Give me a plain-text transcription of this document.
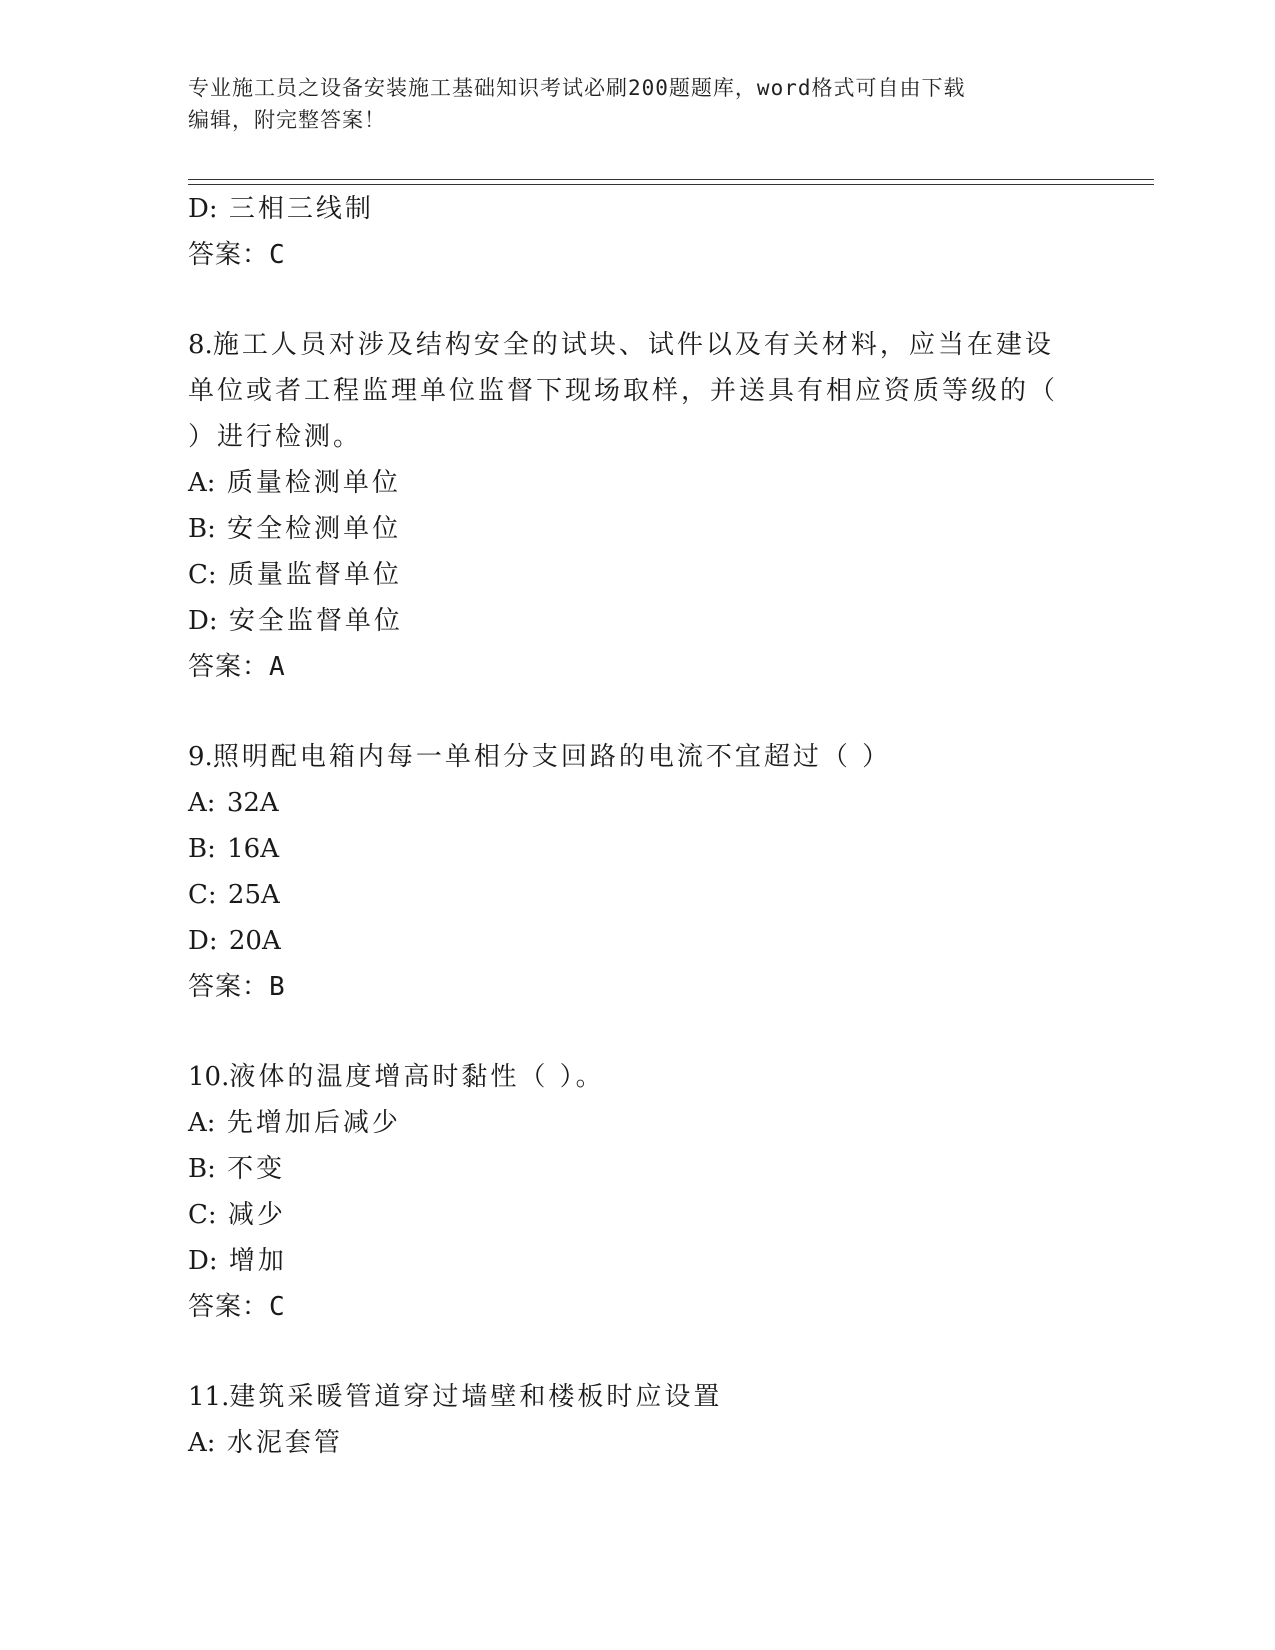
专业施工员之设备安装施工基础知识考试必刷200题题库，word格式可自由下载
编辑，附完整答案！
D: 三相三线制
答案：C
8.施工人员对涉及结构安全的试块、试件以及有关材料，应当在建设
单位或者工程监理单位监督下现场取样，并送具有相应资质等级的（
）进行检测。
A: 质量检测单位
B: 安全检测单位
C: 质量监督单位
D: 安全监督单位
答案：A
9.照明配电箱内每一单相分支回路的电流不宜超过（ ）
A: 32A
B: 16A
C: 25A
D: 20A
答案：B
10.液体的温度增高时黏性（ ）。
A: 先增加后减少
B: 不变
C: 减少
D: 增加
答案：C
11.建筑采暖管道穿过墙壁和楼板时应设置
A: 水泥套管
